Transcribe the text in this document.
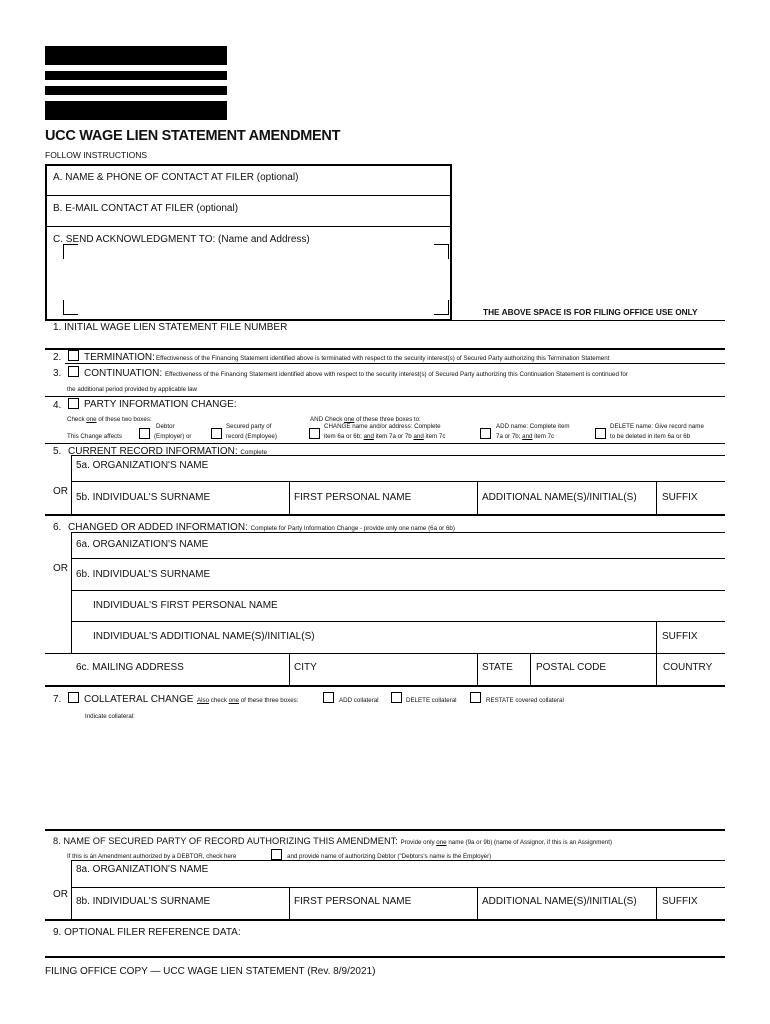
UCC WAGE LIEN STATEMENT AMENDMENT
FOLLOW INSTRUCTIONS
A. NAME & PHONE OF CONTACT AT FILER (optional)
B. E-MAIL CONTACT AT FILER (optional)
C. SEND ACKNOWLEDGMENT TO: (Name and Address)
THE ABOVE SPACE IS FOR FILING OFFICE USE ONLY
1. INITIAL WAGE LIEN STATEMENT FILE NUMBER
2. TERMINATION: Effectiveness of the Financing Statement identified above is terminated with respect to the security interest(s) of Secured Party authorizing this Termination Statement
3. CONTINUATION: Effectiveness of the Financing Statement identified above with respect to the security interest(s) of Secured Party authorizing this Continuation Statement is continued for
the additional period provided by applicable law
4. PARTY INFORMATION CHANGE:
Check one of these two boxes:
This Change affects
Debtor
(Employer) or
Secured party of
record (Employee)
AND Check one of these three boxes to:
CHANGE name and/or address: Complete
item 6a or 6b; and item 7a or 7b and item 7c
ADD name: Complete item
7a or 7b; and item 7c
DELETE name: Give record name
to be deleted in item 6a or 6b
5. CURRENT RECORD INFORMATION: Complete
5a. ORGANIZATION'S NAME
OR
5b. INDIVIDUAL'S SURNAME	FIRST PERSONAL NAME	ADDITIONAL NAME(S)/INITIAL(S)	SUFFIX
6. CHANGED OR ADDED INFORMATION: Complete for Party Information Change - provide only one name (6a or 6b)
6a. ORGANIZATION'S NAME
OR
6b. INDIVIDUAL'S SURNAME
INDIVIDUAL'S FIRST PERSONAL NAME
INDIVIDUAL'S ADDITIONAL NAME(S)/INITIAL(S)	SUFFIX
6c. MAILING ADDRESS	CITY	STATE POSTAL CODE	COUNTRY
7. COLLATERAL CHANGE Also check one of these three boxes:	ADD collateral	DELETE collateral	RESTATE covered collateral
Indicate collateral:
8. NAME OF SECURED PARTY OF RECORD AUTHORIZING THIS AMENDMENT: Provide only one name (9a or 9b) (name of Assignor, if this is an Assignment)
If this is an Amendment authorized by a DEBTOR, check here	and provide name of authorizing Debtor ("Debtors's name is the Employer)
8a. ORGANIZATION'S NAME
OR
8b. INDIVIDUAL'S SURNAME	FIRST PERSONAL NAME	ADDITIONAL NAME(S)/INITIAL(S)	SUFFIX
9. OPTIONAL FILER REFERENCE DATA:
FILING OFFICE COPY — UCC WAGE LIEN STATEMENT (Rev. 8/9/2021)
